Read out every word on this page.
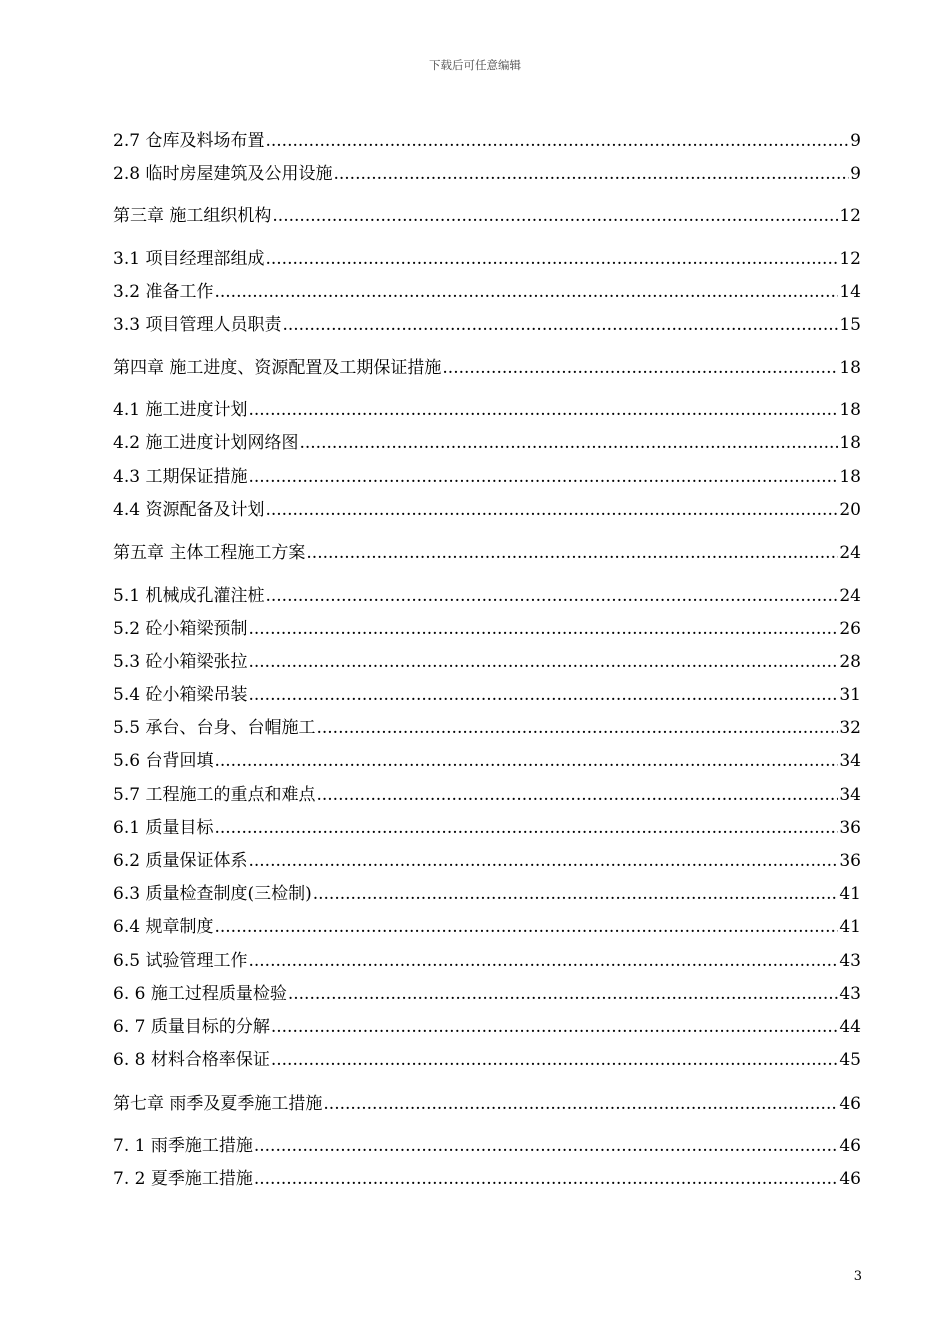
下载后可任意编辑
2.7 仓库及料场布置 .....	9
2.8 临时房屋建筑及公用设施 .....	9
第三章 施工组织机构 .....	12
3.1 项目经理部组成 .....	12
3.2 准备工作 .....	14
3.3 项目管理人员职责 .....	15
第四章 施工进度、资源配置及工期保证措施 .....	18
4.1 施工进度计划 .....	18
4.2 施工进度计划网络图 .....	18
4.3 工期保证措施 .....	18
4.4 资源配备及计划 .....	20
第五章 主体工程施工方案 .....	24
5.1 机械成孔灌注桩 .....	24
5.2 砼小箱梁预制 .....	26
5.3 砼小箱梁张拉 .....	28
5.4 砼小箱梁吊装 .....	31
5.5 承台、台身、台帽施工 .....	32
5.6 台背回填 .....	34
5.7 工程施工的重点和难点 .....	34
6.1 质量目标 .....	36
6.2 质量保证体系 .....	36
6.3 质量检查制度(三检制) .....	41
6.4 规章制度 .....	41
6.5 试验管理工作 .....	43
6. 6 施工过程质量检验 .....	43
6. 7 质量目标的分解 .....	44
6. 8 材料合格率保证 .....	45
第七章 雨季及夏季施工措施 .....	46
7. 1 雨季施工措施 .....	46
7. 2 夏季施工措施 .....	46
3
